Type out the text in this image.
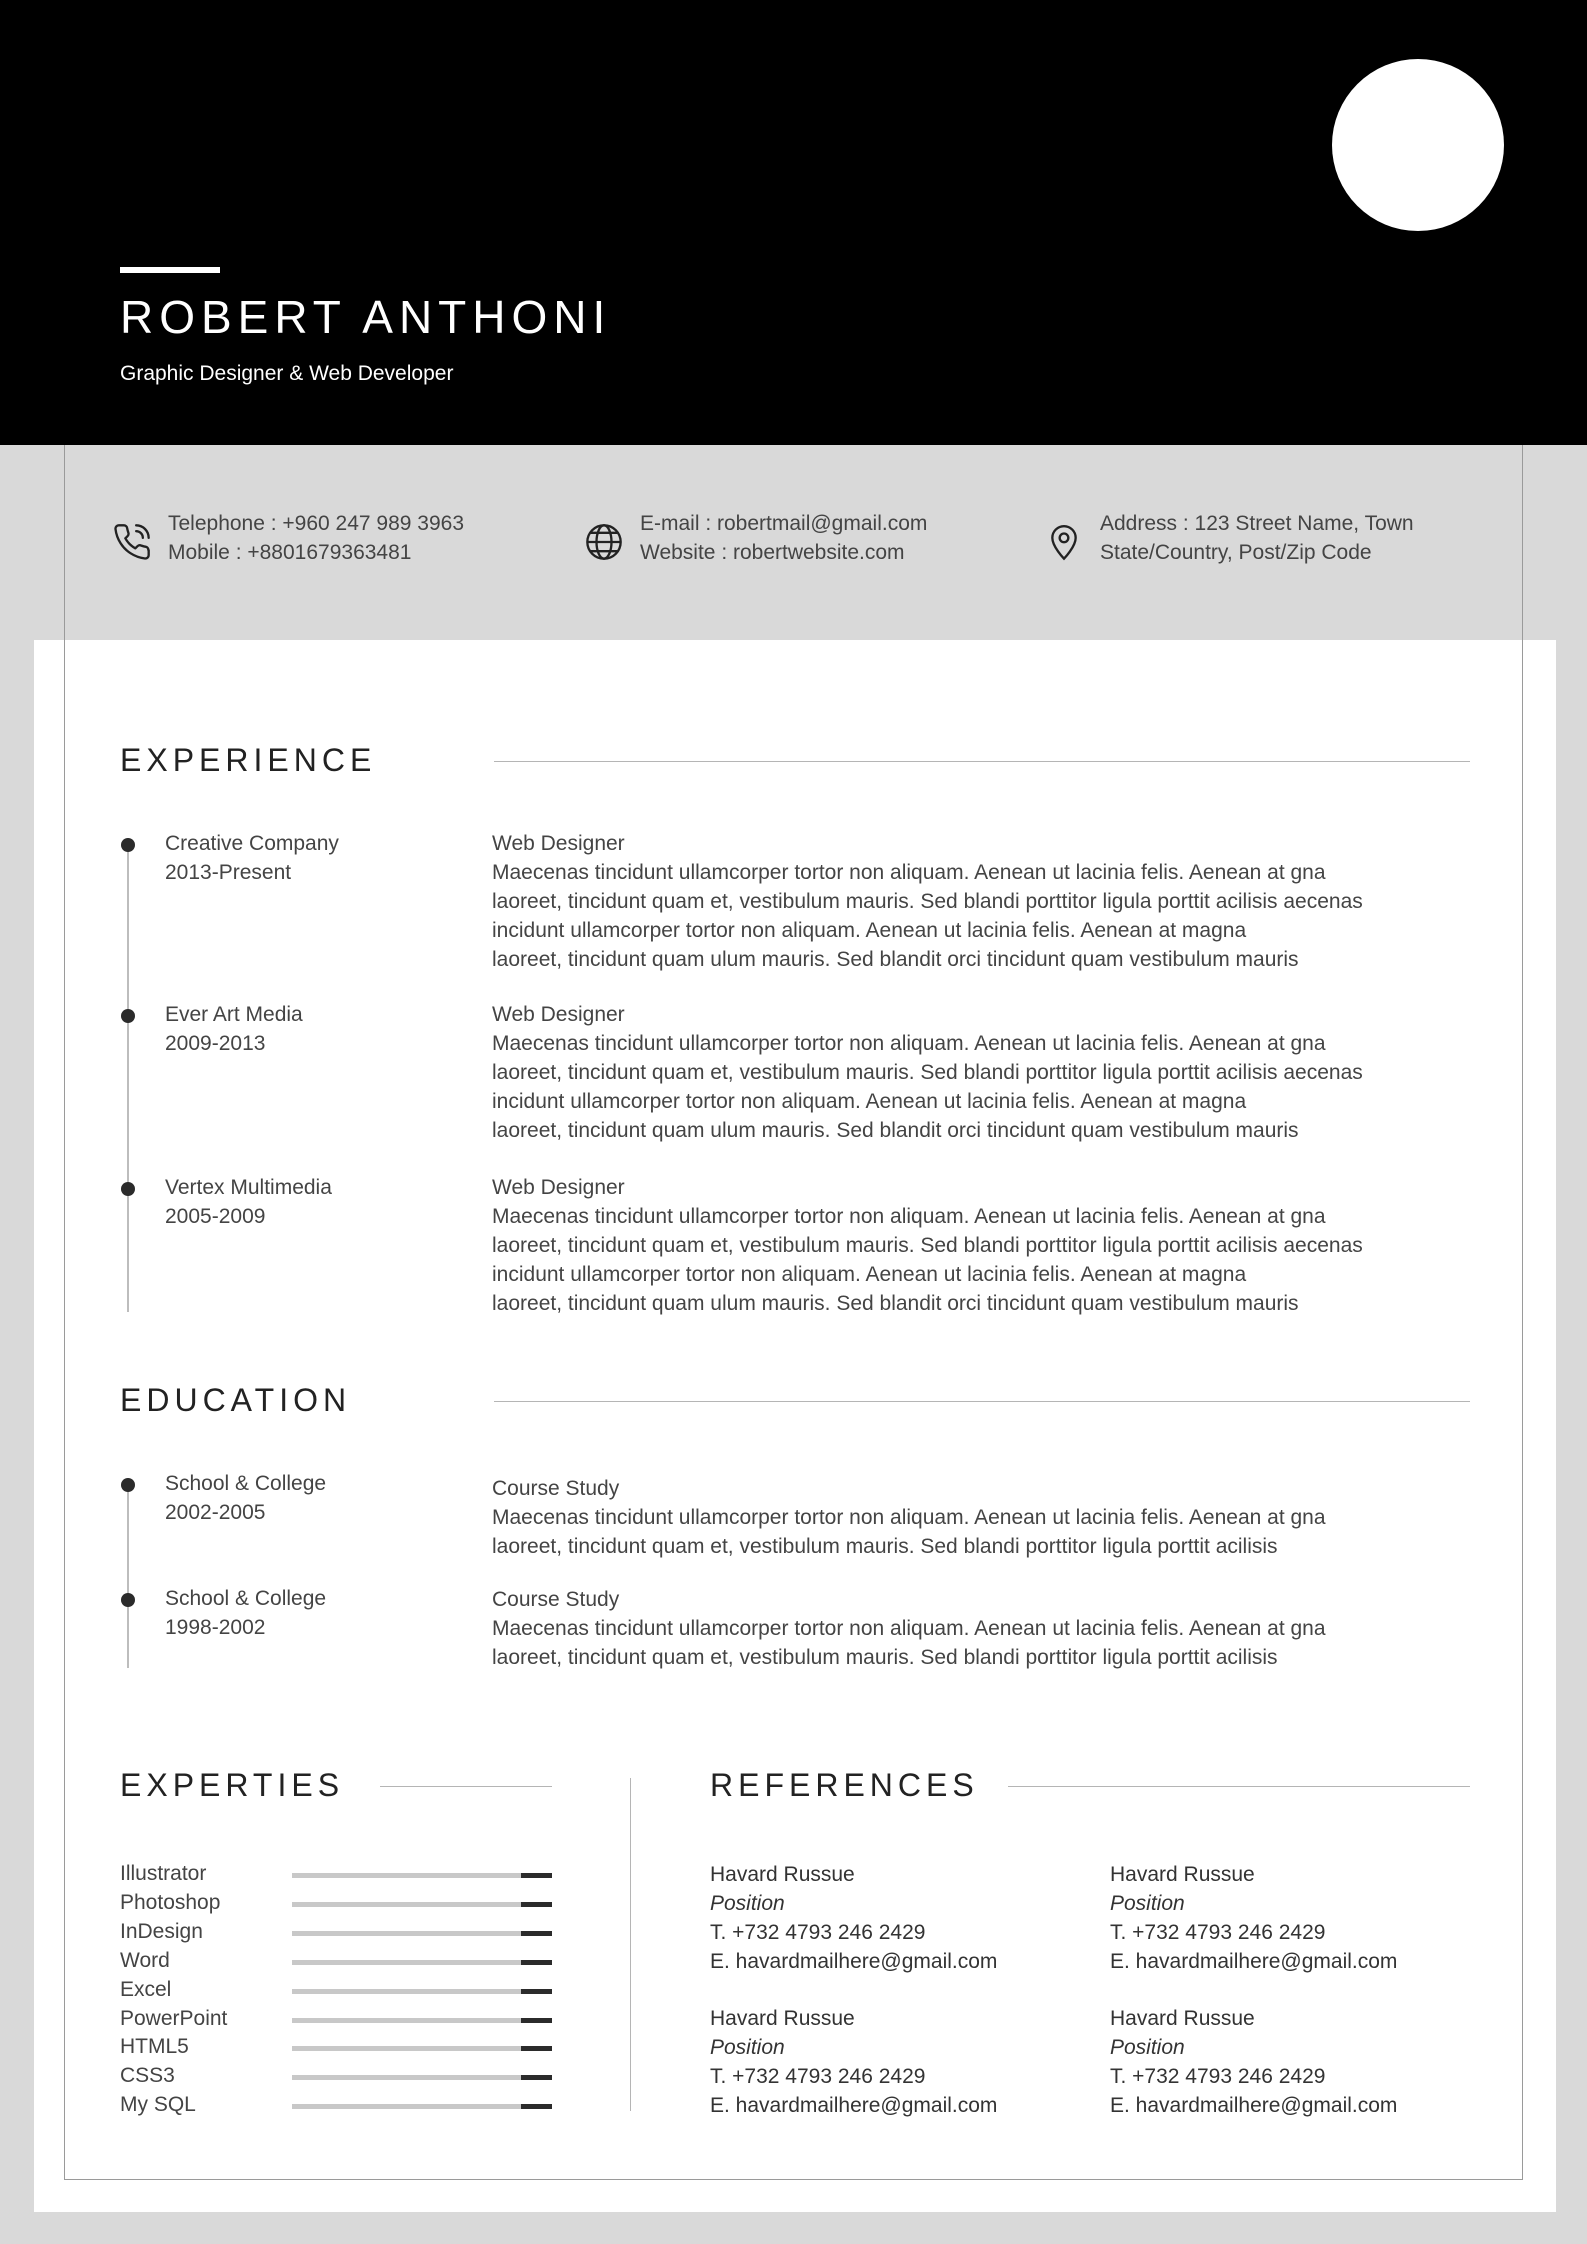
ROBERT ANTHONI
Graphic Designer & Web Developer
Telephone : +960 247 989 3963
Mobile : +8801679363481
E-mail : robertmail@gmail.com
Website : robertwebsite.com
Address : 123 Street Name, Town
State/Country, Post/Zip Code
EXPERIENCE
Creative Company
2013-Present
Web Designer
Maecenas tincidunt ullamcorper tortor non aliquam. Aenean ut lacinia felis. Aenean at gna
laoreet, tincidunt quam et, vestibulum mauris. Sed blandi porttitor ligula porttit acilisis aecenas
incidunt ullamcorper tortor non aliquam. Aenean ut lacinia felis. Aenean at magna
laoreet, tincidunt quam ulum mauris. Sed blandit orci tincidunt quam vestibulum mauris
Ever Art Media
2009-2013
Web Designer
Maecenas tincidunt ullamcorper tortor non aliquam. Aenean ut lacinia felis. Aenean at gna
laoreet, tincidunt quam et, vestibulum mauris. Sed blandi porttitor ligula porttit acilisis aecenas
incidunt ullamcorper tortor non aliquam. Aenean ut lacinia felis. Aenean at magna
laoreet, tincidunt quam ulum mauris. Sed blandit orci tincidunt quam vestibulum mauris
Vertex Multimedia
2005-2009
Web Designer
Maecenas tincidunt ullamcorper tortor non aliquam. Aenean ut lacinia felis. Aenean at gna
laoreet, tincidunt quam et, vestibulum mauris. Sed blandi porttitor ligula porttit acilisis aecenas
incidunt ullamcorper tortor non aliquam. Aenean ut lacinia felis. Aenean at magna
laoreet, tincidunt quam ulum mauris. Sed blandit orci tincidunt quam vestibulum mauris
EDUCATION
School & College
2002-2005
Course Study
Maecenas tincidunt ullamcorper tortor non aliquam. Aenean ut lacinia felis. Aenean at gna
laoreet, tincidunt quam et, vestibulum mauris. Sed blandi porttitor ligula porttit acilisis
School & College
1998-2002
Course Study
Maecenas tincidunt ullamcorper tortor non aliquam. Aenean ut lacinia felis. Aenean at gna
laoreet, tincidunt quam et, vestibulum mauris. Sed blandi porttitor ligula porttit acilisis
EXPERTIES
Illustrator
Photoshop
InDesign
Word
Excel
PowerPoint
HTML5
CSS3
My SQL
REFERENCES
Havard Russue
Position
T. +732 4793 246 2429
E. havardmailhere@gmail.com
Havard Russue
Position
T. +732 4793 246 2429
E. havardmailhere@gmail.com
Havard Russue
Position
T. +732 4793 246 2429
E. havardmailhere@gmail.com
Havard Russue
Position
T. +732 4793 246 2429
E. havardmailhere@gmail.com
